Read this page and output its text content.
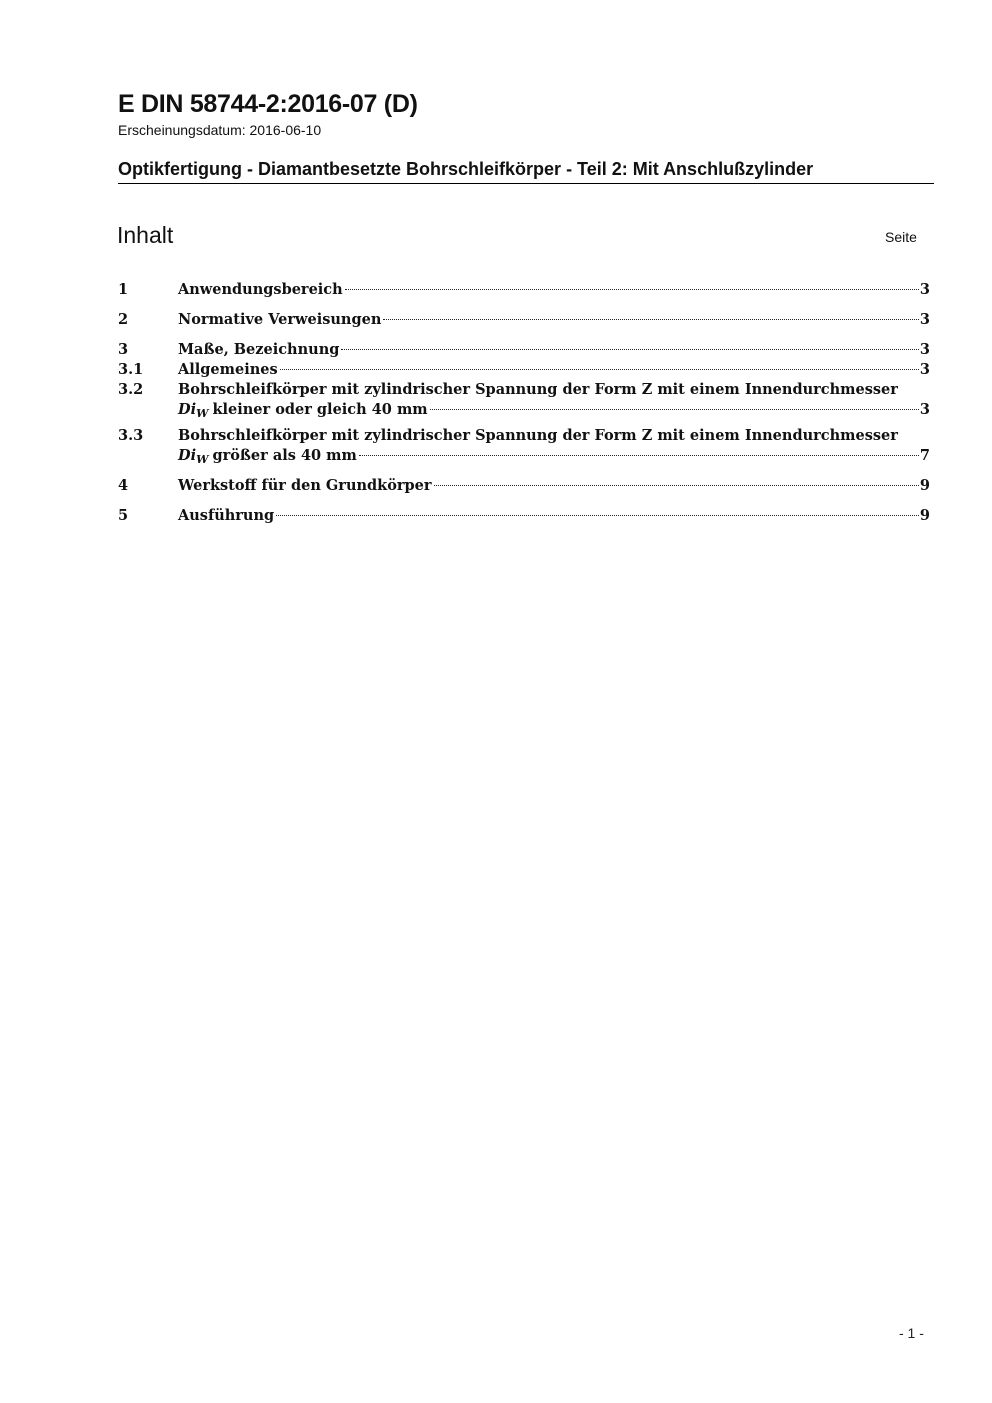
E DIN 58744-2:2016-07 (D)
Erscheinungsdatum: 2016-06-10
Optikfertigung - Diamantbesetzte Bohrschleifkörper - Teil 2: Mit Anschlußzylinder
Inhalt	Seite
1	Anwendungsbereich	3
2	Normative Verweisungen	3
3	Maße, Bezeichnung	3
3.1	Allgemeines	3
3.2	Bohrschleifkörper mit zylindrischer Spannung der Form Z mit einem Innendurchmesser
$Di_W$ kleiner oder gleich 40 mm	3
3.3	Bohrschleifkörper mit zylindrischer Spannung der Form Z mit einem Innendurchmesser
$Di_W$ größer als 40 mm	7
4	Werkstoff für den Grundkörper	9
5	Ausführung	9
- 1 -
